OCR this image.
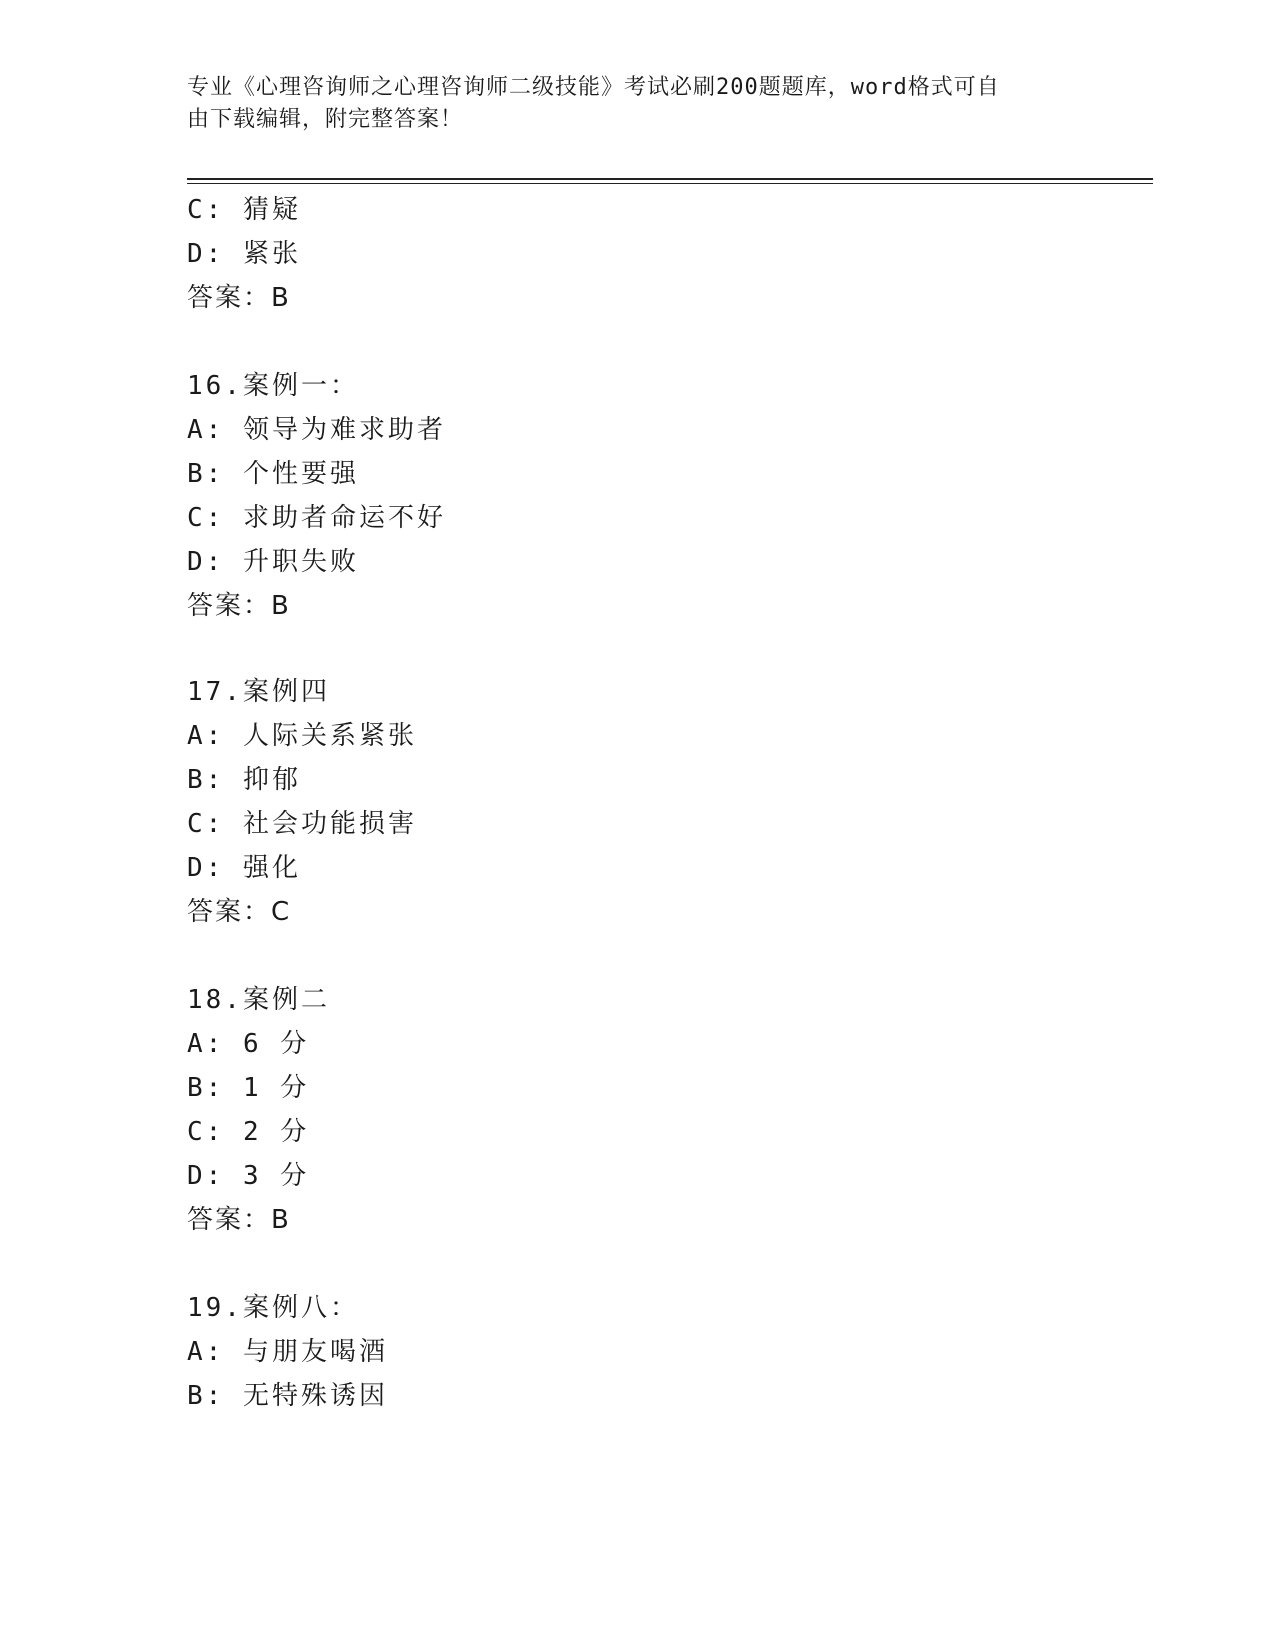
专业《心理咨询师之心理咨询师二级技能》考试必刷200题题库，word格式可自
由下载编辑，附完整答案！
C: 猜疑
D: 紧张
答案：B
16.案例一：
A: 领导为难求助者
B: 个性要强
C: 求助者命运不好
D: 升职失败
答案：B
17.案例四
A: 人际关系紧张
B: 抑郁
C: 社会功能损害
D: 强化
答案：C
18.案例二
A: 6 分
B: 1 分
C: 2 分
D: 3 分
答案：B
19.案例八：
A: 与朋友喝酒
B: 无特殊诱因
